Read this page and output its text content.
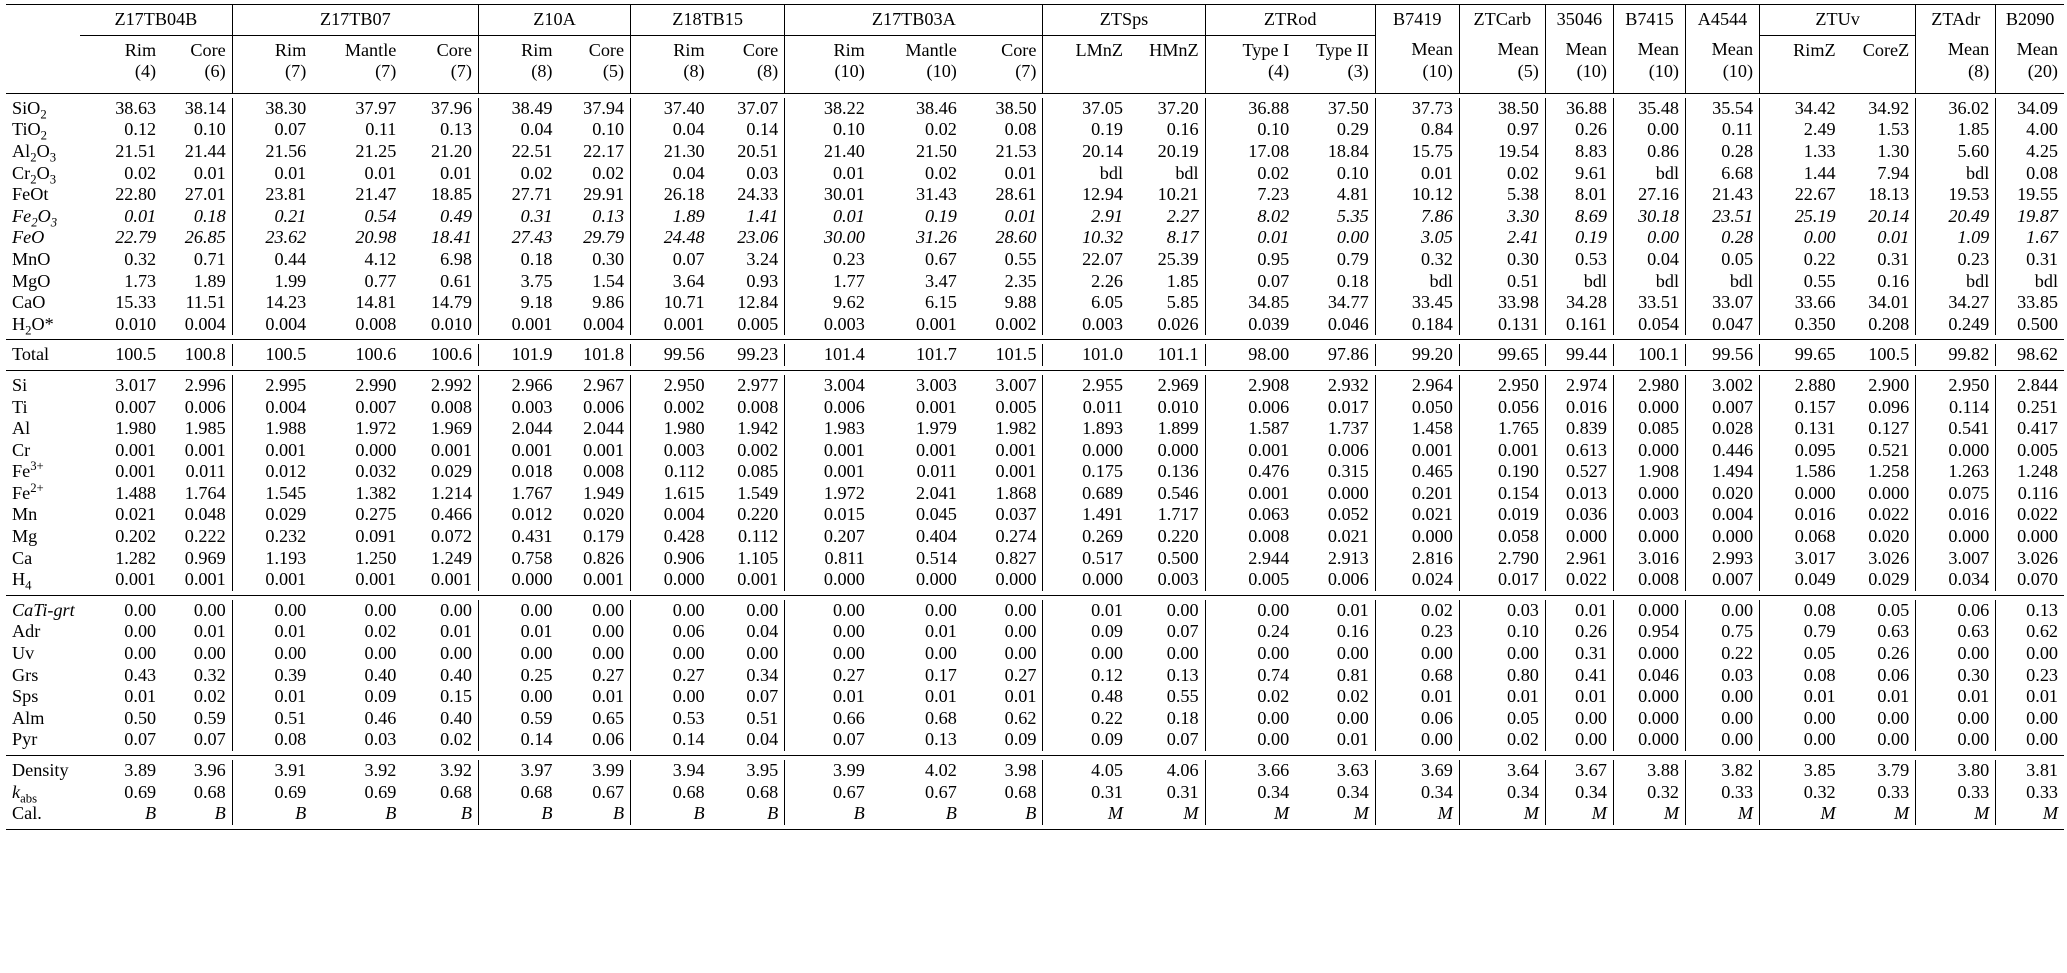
	Z17TB04B		Z17TB07			Z10A		Z18TB15		Z17TB03A			ZTSps		ZTRod		B7419	ZTCarb	35046	B7415	A4544	ZTUv		ZTAdr	B2090
	Rim	Core	Rim	Mantle	Core	Rim	Core	Rim	Core	Rim	Mantle	Core	LMnZ	HMnZ	Type I	Type II	Mean	Mean	Mean	Mean	Mean	RimZ	CoreZ	Mean	Mean
	(4)	(6)	(7)	(7)	(7)	(8)	(5)	(8)	(8)	(10)	(10)	(7)			(4)	(3)	(10)	(5)	(10)	(10)	(10)			(8)	(20)

SiO$_2$	38.63	38.14	38.30	37.97	37.96	38.49	37.94	37.40	37.07	38.22	38.46	38.50	37.05	37.20	36.88	37.50	37.73	38.50	36.88	35.48	35.54	34.42	34.92	36.02	34.09
TiO$_2$	0.12	0.10	0.07	0.11	0.13	0.04	0.10	0.04	0.14	0.10	0.02	0.08	0.19	0.16	0.10	0.29	0.84	0.97	0.26	0.00	0.11	2.49	1.53	1.85	4.00
$Al_2O_3$	21.51	21.44	21.56	21.25	21.20	22.51	22.17	21.30	20.51	21.40	21.50	21.53	20.14	20.19	17.08	18.84	15.75	19.54	8.83	0.86	0.28	1.33	1.30	5.60	4.25
$Cr_2O_3$	0.02	0.01	0.01	0.01	0.01	0.02	0.02	0.04	0.03	0.01	0.02	0.01	bdl	bdl	0.02	0.10	0.01	0.02	9.61	bdl	6.68	1.44	7.94	bdl	0.08
FeOt	22.80	27.01	23.81	21.47	18.85	27.71	29.91	26.18	24.33	30.01	31.43	28.61	12.94	10.21	7.23	4.81	10.12	5.38	8.01	27.16	21.43	22.67	18.13	19.53	19.55
$Fe_2O_3$	0.01	0.18	0.21	0.54	0.49	0.31	0.13	1.89	1.41	0.01	0.19	0.01	2.91	2.27	8.02	5.35	7.86	3.30	8.69	30.18	23.51	25.19	20.14	20.49	19.87
FeO	22.79	26.85	23.62	20.98	18.41	27.43	29.79	24.48	23.06	30.00	31.26	28.60	10.32	8.17	0.01	0.00	3.05	2.41	0.19	0.00	0.28	0.00	0.01	1.09	1.67
MnO	0.32	0.71	0.44	4.12	6.98	0.18	0.30	0.07	3.24	0.23	0.67	0.55	22.07	25.39	0.95	0.79	0.32	0.30	0.53	0.04	0.05	0.22	0.31	0.23	0.31
MgO	1.73	1.89	1.99	0.77	0.61	3.75	1.54	3.64	0.93	1.77	3.47	2.35	2.26	1.85	0.07	0.18	bdl	0.51	bdl	bdl	bdl	0.55	0.16	bdl	bdl
CaO	15.33	11.51	14.23	14.81	14.79	9.18	9.86	10.71	12.84	9.62	6.15	9.88	6.05	5.85	34.85	34.77	33.45	33.98	34.28	33.51	33.07	33.66	34.01	34.27	33.85
$H_2O*$	0.010	0.004	0.004	0.008	0.010	0.001	0.004	0.001	0.005	0.003	0.001	0.002	0.003	0.026	0.039	0.046	0.184	0.131	0.161	0.054	0.047	0.350	0.208	0.249	0.500

Total	100.5	100.8	100.5	100.6	100.6	101.9	101.8	99.56	99.23	101.4	101.7	101.5	101.0	101.1	98.00	97.86	99.20	99.65	99.44	100.1	99.56	99.65	100.5	99.82	98.62

Si	3.017	2.996	2.995	2.990	2.992	2.966	2.967	2.950	2.977	3.004	3.003	3.007	2.955	2.969	2.908	2.932	2.964	2.950	2.974	2.980	3.002	2.880	2.900	2.950	2.844
Ti	0.007	0.006	0.004	0.007	0.008	0.003	0.006	0.002	0.008	0.006	0.001	0.005	0.011	0.010	0.006	0.017	0.050	0.056	0.016	0.000	0.007	0.157	0.096	0.114	0.251
Al	1.980	1.985	1.988	1.972	1.969	2.044	2.044	1.980	1.942	1.983	1.979	1.982	1.893	1.899	1.587	1.737	1.458	1.765	0.839	0.085	0.028	0.131	0.127	0.541	0.417
Cr	0.001	0.001	0.001	0.000	0.001	0.001	0.001	0.003	0.002	0.001	0.001	0.001	0.000	0.000	0.001	0.006	0.001	0.001	0.613	0.000	0.446	0.095	0.521	0.000	0.005
$Fe^{3+}$	0.001	0.011	0.012	0.032	0.029	0.018	0.008	0.112	0.085	0.001	0.011	0.001	0.175	0.136	0.476	0.315	0.465	0.190	0.527	1.908	1.494	1.586	1.258	1.263	1.248
$Fe^{2+}$	1.488	1.764	1.545	1.382	1.214	1.767	1.949	1.615	1.549	1.972	2.041	1.868	0.689	0.546	0.001	0.000	0.201	0.154	0.013	0.000	0.020	0.000	0.000	0.075	0.116
Mn	0.021	0.048	0.029	0.275	0.466	0.012	0.020	0.004	0.220	0.015	0.045	0.037	1.491	1.717	0.063	0.052	0.021	0.019	0.036	0.003	0.004	0.016	0.022	0.016	0.022
Mg	0.202	0.222	0.232	0.091	0.072	0.431	0.179	0.428	0.112	0.207	0.404	0.274	0.269	0.220	0.008	0.021	0.000	0.058	0.000	0.000	0.000	0.068	0.020	0.000	0.000
Ca	1.282	0.969	1.193	1.250	1.249	0.758	0.826	0.906	1.105	0.811	0.514	0.827	0.517	0.500	2.944	2.913	2.816	2.790	2.961	3.016	2.993	3.017	3.026	3.007	3.026
$H_4$	0.001	0.001	0.001	0.001	0.001	0.000	0.001	0.000	0.001	0.000	0.000	0.000	0.000	0.003	0.005	0.006	0.024	0.017	0.022	0.008	0.007	0.049	0.029	0.034	0.070

CaTi-grt	0.00	0.00	0.00	0.00	0.00	0.00	0.00	0.00	0.00	0.00	0.00	0.00	0.01	0.00	0.00	0.01	0.02	0.03	0.01	0.000	0.00	0.08	0.05	0.06	0.13
Adr	0.00	0.01	0.01	0.02	0.01	0.01	0.00	0.06	0.04	0.00	0.01	0.00	0.09	0.07	0.24	0.16	0.23	0.10	0.26	0.954	0.75	0.79	0.63	0.63	0.62
Uv	0.00	0.00	0.00	0.00	0.00	0.00	0.00	0.00	0.00	0.00	0.00	0.00	0.00	0.00	0.00	0.00	0.00	0.00	0.31	0.000	0.22	0.05	0.26	0.00	0.00
Grs	0.43	0.32	0.39	0.40	0.40	0.25	0.27	0.27	0.34	0.27	0.17	0.27	0.12	0.13	0.74	0.81	0.68	0.80	0.41	0.046	0.03	0.08	0.06	0.30	0.23
Sps	0.01	0.02	0.01	0.09	0.15	0.00	0.01	0.00	0.07	0.01	0.01	0.01	0.48	0.55	0.02	0.02	0.01	0.01	0.01	0.000	0.00	0.01	0.01	0.01	0.01
Alm	0.50	0.59	0.51	0.46	0.40	0.59	0.65	0.53	0.51	0.66	0.68	0.62	0.22	0.18	0.00	0.00	0.06	0.05	0.00	0.000	0.00	0.00	0.00	0.00	0.00
Pyr	0.07	0.07	0.08	0.03	0.02	0.14	0.06	0.14	0.04	0.07	0.13	0.09	0.09	0.07	0.00	0.01	0.00	0.02	0.00	0.000	0.00	0.00	0.00	0.00	0.00

Density	3.89	3.96	3.91	3.92	3.92	3.97	3.99	3.94	3.95	3.99	4.02	3.98	4.05	4.06	3.66	3.63	3.69	3.64	3.67	3.88	3.82	3.85	3.79	3.80	3.81
$k_{abs}$	0.69	0.68	0.69	0.69	0.68	0.68	0.67	0.68	0.68	0.67	0.67	0.68	0.31	0.31	0.34	0.34	0.34	0.34	0.34	0.32	0.33	0.32	0.33	0.33	0.33
Cal.	B	B	B	B	B	B	B	B	B	B	B	B	M	M	M	M	M	M	M	M	M	M	M	M	M
